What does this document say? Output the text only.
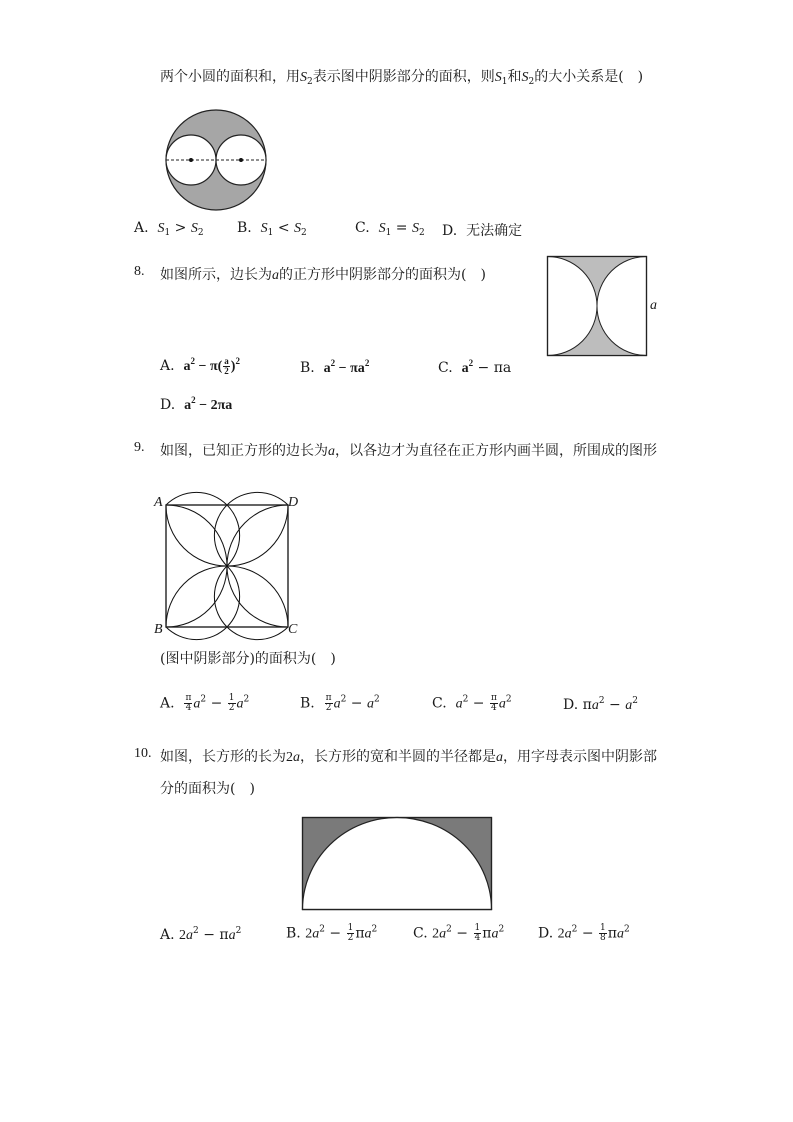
两个小圆的面积和，用$S_2$表示图中阴影部分的面积，则$S_1$和$S_2$的大小关系是(　)
A. $S_1 > S_2$ B. $S_1 < S_2$	C. $S_1 = S_2$ D. 无法确定
8. 如图所示，边长为a的正方形中阴影部分的面积为(　)
a
A. $a^2 - \pi( \frac{a}{2} )^2$	B. $a^2 - \pi a^2$	C. $a^2 - \pi a$
D. $a^2 - 2\pi a$
9. 如图，已知正方形的边长为a，以各边才为直径在正方形内画半圆，所围成的图形
A	D
B	C
(图中阴影部分)的面积为(　)
A. $\frac{\pi}{4} a^2 - \frac{1}{2} a^2$	B. $\frac{\pi}{2} a^2 - a^2$	C. $a^2 - \frac{\pi}{4} a^2$	D. $\pi a^2 - a^2$
10. 如图，长方形的长为2a，长方形的宽和半圆的半径都是a，用字母表示图中阴影部
分的面积为(　)
A. $2a^2 - \pi a^2$	B. $2a^2 - \frac{1}{2} \pi a^2$	C. $2a^2 - \frac{1}{4} \pi a^2$ D. $2a^2 - \frac{1}{8} \pi a^2$
